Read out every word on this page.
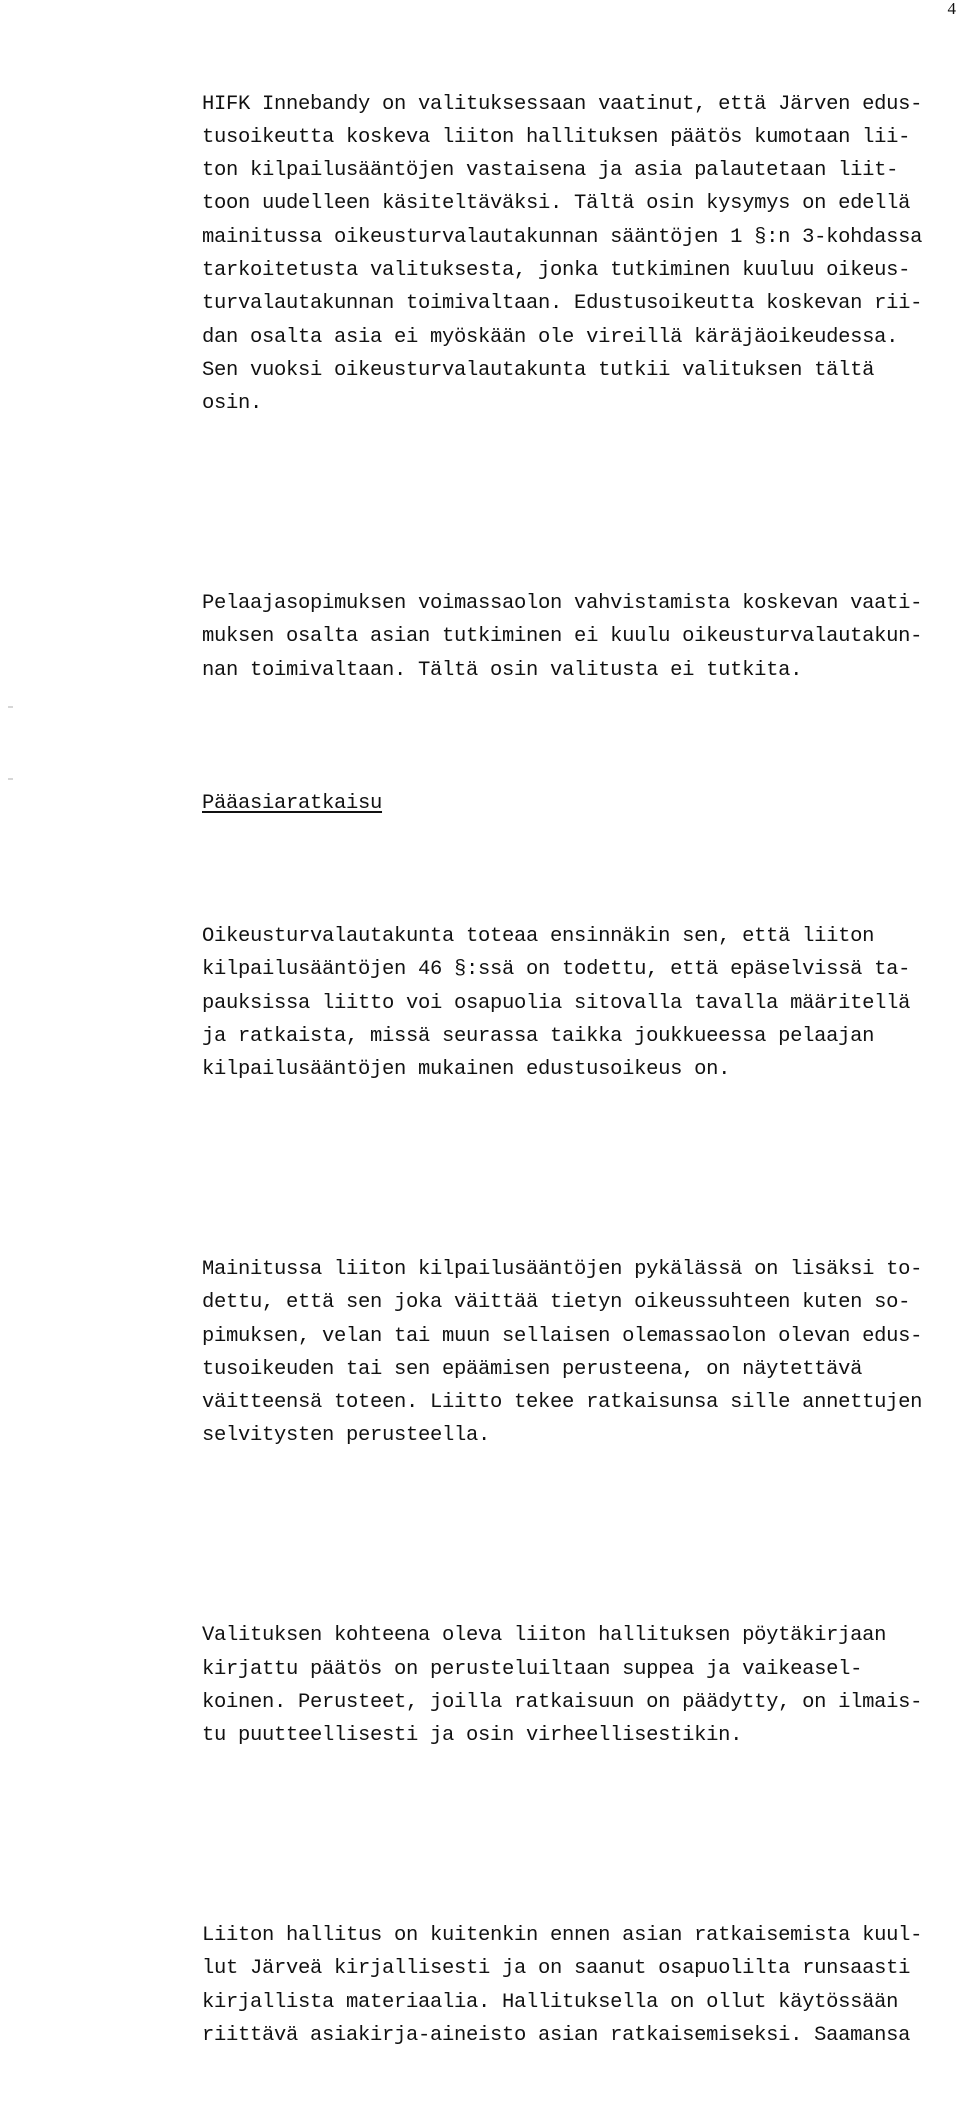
4

HIFK Innebandy on valituksessaan vaatinut, että Järven edus-
tusoikeutta koskeva liiton hallituksen päätös kumotaan lii-
ton kilpailusääntöjen vastaisena ja asia palautetaan liit-
toon uudelleen käsiteltäväksi. Tältä osin kysymys on edellä
mainitussa oikeusturvalautakunnan sääntöjen 1 §:n 3-kohdassa
tarkoitetusta valituksesta, jonka tutkiminen kuuluu oikeus-
turvalautakunnan toimivaltaan. Edustusoikeutta koskevan rii-
dan osalta asia ei myöskään ole vireillä käräjäoikeudessa.
Sen vuoksi oikeusturvalautakunta tutkii valituksen tältä
osin.

Pelaajasopimuksen voimassaolon vahvistamista koskevan vaati-
muksen osalta asian tutkiminen ei kuulu oikeusturvalautakun-
nan toimivaltaan. Tältä osin valitusta ei tutkita.

Pääasiaratkaisu

Oikeusturvalautakunta toteaa ensinnäkin sen, että liiton
kilpailusääntöjen 46 §:ssä on todettu, että epäselvissä ta-
pauksissa liitto voi osapuolia sitovalla tavalla määritellä
ja ratkaista, missä seurassa taikka joukkueessa pelaajan
kilpailusääntöjen mukainen edustusoikeus on.

Mainitussa liiton kilpailusääntöjen pykälässä on lisäksi to-
dettu, että sen joka väittää tietyn oikeussuhteen kuten so-
pimuksen, velan tai muun sellaisen olemassaolon olevan edus-
tusoikeuden tai sen epäämisen perusteena, on näytettävä
väitteensä toteen. Liitto tekee ratkaisunsa sille annettujen
selvitysten perusteella.

Valituksen kohteena oleva liiton hallituksen pöytäkirjaan
kirjattu päätös on perusteluiltaan suppea ja vaikeasel-
koinen. Perusteet, joilla ratkaisuun on päädytty, on ilmais-
tu puutteellisesti ja osin virheellisestikin.

Liiton hallitus on kuitenkin ennen asian ratkaisemista kuul-
lut Järveä kirjallisesti ja on saanut osapuolilta runsaasti
kirjallista materiaalia. Hallituksella on ollut käytössään
riittävä asiakirja-aineisto asian ratkaisemiseksi. Saamansa
